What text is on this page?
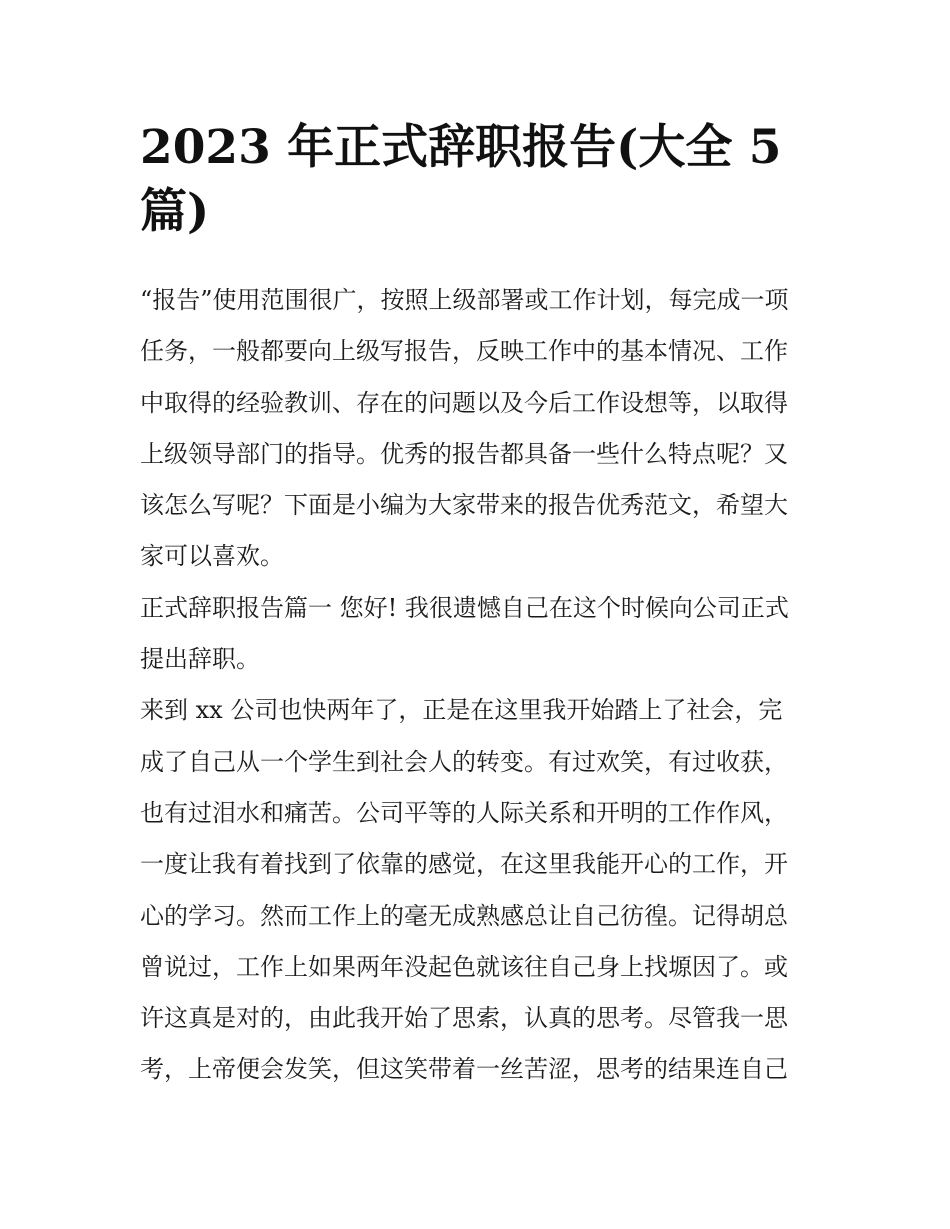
2023 年正式辞职报告(大全 5
篇)
“报告”使用范围很广，按照上级部署或工作计划，每完成一项
任务，一般都要向上级写报告，反映工作中的基本情况、工作
中取得的经验教训、存在的问题以及今后工作设想等，以取得
上级领导部门的指导。优秀的报告都具备一些什么特点呢？又
该怎么写呢？下面是小编为大家带来的报告优秀范文，希望大
家可以喜欢。
正式辞职报告篇一 您好! 我很遗憾自己在这个时候向公司正式
提出辞职。
来到 xx 公司也快两年了，正是在这里我开始踏上了社会，完
成了自己从一个学生到社会人的转变。有过欢笑，有过收获，
也有过泪水和痛苦。公司平等的人际关系和开明的工作作风，
一度让我有着找到了依靠的感觉，在这里我能开心的工作，开
心的学习。然而工作上的毫无成熟感总让自己彷徨。记得胡总
曾说过，工作上如果两年没起色就该往自己身上找塬因了。或
许这真是对的，由此我开始了思索，认真的思考。尽管我一思
考，上帝便会发笑，但这笑带着一丝苦涩，思考的结果连自己
